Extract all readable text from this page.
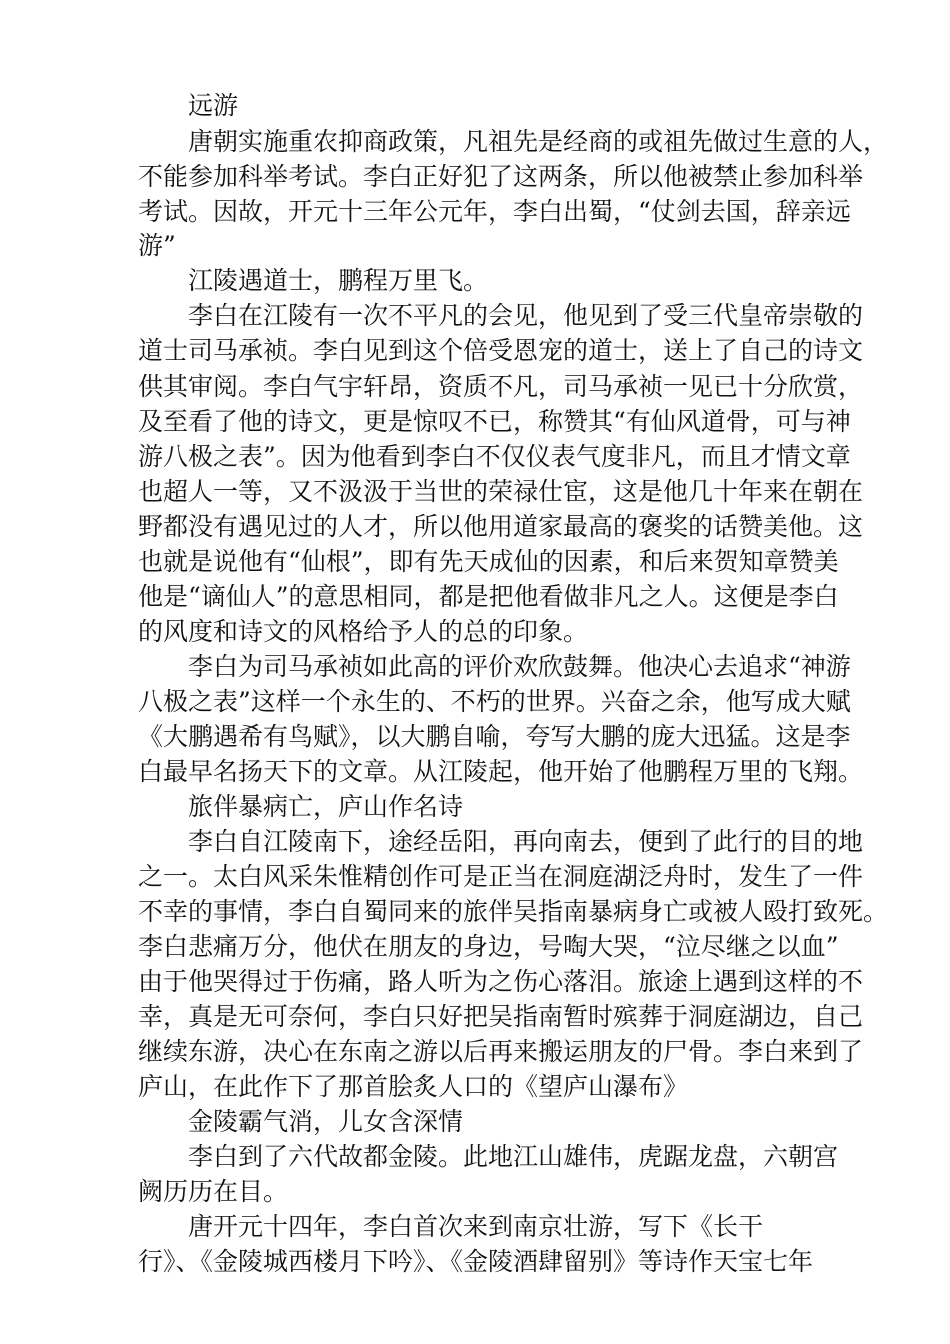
远游
唐朝实施重农抑商政策，凡祖先是经商的或祖先做过生意的人，
不能参加科举考试。李白正好犯了这两条，所以他被禁止参加科举
考试。因故，开元十三年公元年，李白出蜀，“仗剑去国，辞亲远
游”
江陵遇道士，鹏程万里飞。
李白在江陵有一次不平凡的会见，他见到了受三代皇帝崇敬的
道士司马承祯。李白见到这个倍受恩宠的道士，送上了自己的诗文
供其审阅。李白气宇轩昂，资质不凡，司马承祯一见已十分欣赏，
及至看了他的诗文，更是惊叹不已，称赞其“有仙风道骨，可与神
游八极之表”。因为他看到李白不仅仪表气度非凡，而且才情文章
也超人一等，又不汲汲于当世的荣禄仕宦，这是他几十年来在朝在
野都没有遇见过的人才，所以他用道家最高的褒奖的话赞美他。这
也就是说他有“仙根”，即有先天成仙的因素，和后来贺知章赞美
他是“谪仙人”的意思相同，都是把他看做非凡之人。这便是李白
的风度和诗文的风格给予人的总的印象。
李白为司马承祯如此高的评价欢欣鼓舞。他决心去追求“神游
八极之表”这样一个永生的、不朽的世界。兴奋之余，他写成大赋
《大鹏遇希有鸟赋》，以大鹏自喻，夸写大鹏的庞大迅猛。这是李
白最早名扬天下的文章。从江陵起，他开始了他鹏程万里的飞翔。
旅伴暴病亡，庐山作名诗
李白自江陵南下，途经岳阳，再向南去，便到了此行的目的地
之一。太白风采朱惟精创作可是正当在洞庭湖泛舟时，发生了一件
不幸的事情，李白自蜀同来的旅伴吴指南暴病身亡或被人殴打致死。
李白悲痛万分，他伏在朋友的身边，号啕大哭，“泣尽继之以血”
由于他哭得过于伤痛，路人听为之伤心落泪。旅途上遇到这样的不
幸，真是无可奈何，李白只好把吴指南暂时殡葬于洞庭湖边，自己
继续东游，决心在东南之游以后再来搬运朋友的尸骨。李白来到了
庐山，在此作下了那首脍炙人口的《望庐山瀑布》
金陵霸气消，儿女含深情
李白到了六代故都金陵。此地江山雄伟，虎踞龙盘，六朝宫
阙历历在目。
唐开元十四年，李白首次来到南京壮游，写下《长干
行》、《金陵城西楼月下吟》、《金陵酒肆留别》等诗作天宝七年
